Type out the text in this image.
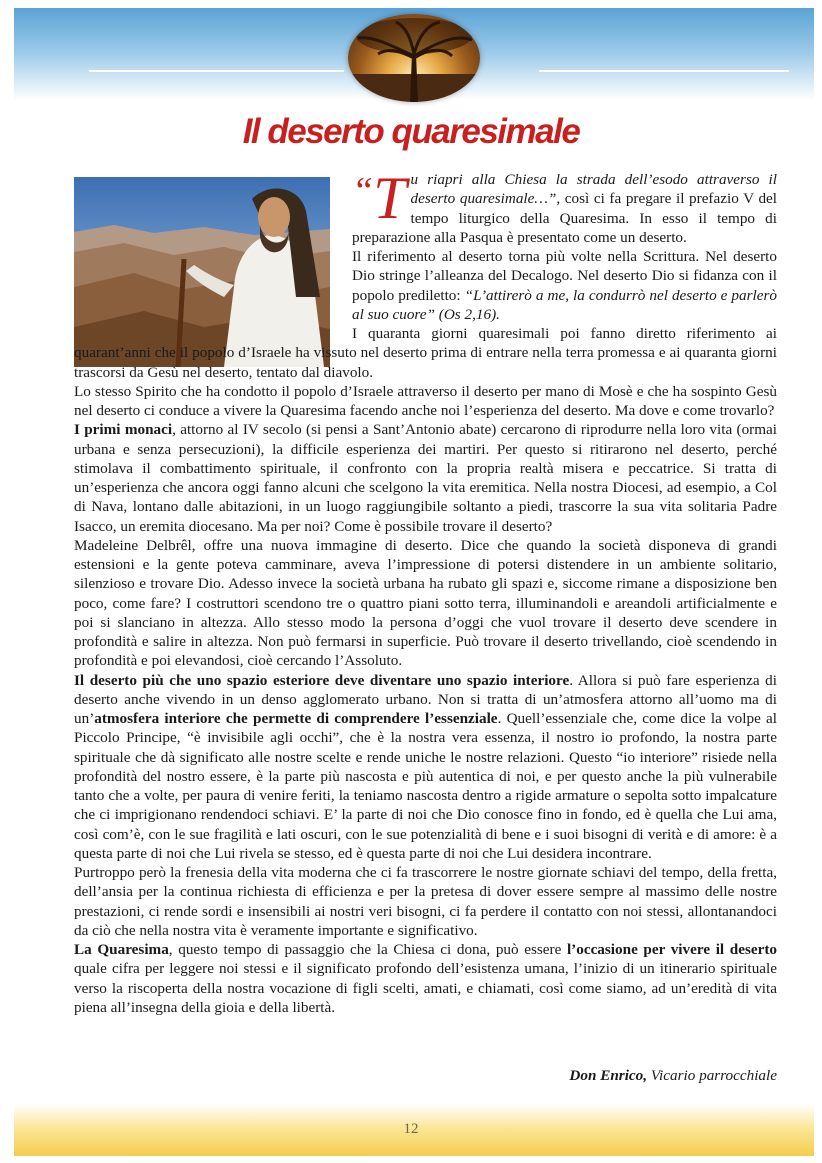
Il deserto quaresimale

“T u riapri alla Chiesa la strada dell’esodo attraverso il deserto quaresimale…”, così ci fa pregare il prefazio V del tempo liturgico della Quaresima. In esso il tempo di preparazione alla Pasqua è presentato come un deserto.

Il riferimento al deserto torna più volte nella Scrittura. Nel deserto Dio stringe l’alleanza del Decalogo. Nel deserto Dio si fidanza con il popolo prediletto: “L’attirerò a me, la condurrò nel deserto e parlerò al suo cuore” (Os 2,16).

I quaranta giorni quaresimali poi fanno diretto riferimento ai quarant’anni che il popolo d’Israele ha vissuto nel deserto prima di entrare nella terra promessa e ai quaranta giorni trascorsi da Gesù nel deserto, tentato dal diavolo.

Lo stesso Spirito che ha condotto il popolo d’Israele attraverso il deserto per mano di Mosè e che ha sospinto Gesù nel deserto ci conduce a vivere la Quaresima facendo anche noi l’esperienza del deserto. Ma dove e come trovarlo?

I primi monaci, attorno al IV secolo (si pensi a Sant’Antonio abate) cercarono di riprodurre nella loro vita (ormai urbana e senza persecuzioni), la difficile esperienza dei martiri. Per questo si ritirarono nel deserto, perché stimolava il combattimento spirituale, il confronto con la propria realtà misera e peccatrice. Si tratta di un’esperienza che ancora oggi fanno alcuni che scelgono la vita eremitica. Nella nostra Diocesi, ad esempio, a Col di Nava, lontano dalle abitazioni, in un luogo raggiungibile soltanto a piedi, trascorre la sua vita solitaria Padre Isacco, un eremita diocesano. Ma per noi? Come è possibile trovare il deserto?

Madeleine Delbrêl, offre una nuova immagine di deserto. Dice che quando la società disponeva di grandi estensioni e la gente poteva camminare, aveva l’impressione di potersi distendere in un ambiente solitario, silenzioso e trovare Dio. Adesso invece la società urbana ha rubato gli spazi e, siccome rimane a disposizione ben poco, come fare? I costruttori scendono tre o quattro piani sotto terra, illuminandoli e areandoli artificialmente e poi si slanciano in altezza. Allo stesso modo la persona d’oggi che vuol trovare il deserto deve scendere in profondità e salire in altezza. Non può fermarsi in superficie. Può trovare il deserto trivellando, cioè scendendo in profondità e poi elevandosi, cioè cercando l’Assoluto.

Il deserto più che uno spazio esteriore deve diventare uno spazio interiore. Allora si può fare esperienza di deserto anche vivendo in un denso agglomerato urbano. Non si tratta di un’atmosfera attorno all’uomo ma di un’atmosfera interiore che permette di comprendere l’essenziale. Quell’essenziale che, come dice la volpe al Piccolo Principe, “è invisibile agli occhi”, che è la nostra vera essenza, il nostro io profondo, la nostra parte spirituale che dà significato alle nostre scelte e rende uniche le nostre relazioni. Questo “io interiore” risiede nella profondità del nostro essere, è la parte più nascosta e più autentica di noi, e per questo anche la più vulnerabile tanto che a volte, per paura di venire feriti, la teniamo nascosta dentro a rigide armature o sepolta sotto impalcature che ci imprigionano rendendoci schiavi. E’ la parte di noi che Dio conosce fino in fondo, ed è quella che Lui ama, così com’è, con le sue fragilità e lati oscuri, con le sue potenzialità di bene e i suoi bisogni di verità e di amore: è a questa parte di noi che Lui rivela se stesso, ed è questa parte di noi che Lui desidera incontrare.

Purtroppo però la frenesia della vita moderna che ci fa trascorrere le nostre giornate schiavi del tempo, della fretta, dell’ansia per la continua richiesta di efficienza e per la pretesa di dover essere sempre al massimo delle nostre prestazioni, ci rende sordi e insensibili ai nostri veri bisogni, ci fa perdere il contatto con noi stessi, allontanandoci da ciò che nella nostra vita è veramente importante e significativo.

La Quaresima, questo tempo di passaggio che la Chiesa ci dona, può essere l’occasione per vivere il deserto quale cifra per leggere noi stessi e il significato profondo dell’esistenza umana, l’inizio di un itinerario spirituale verso la riscoperta della nostra vocazione di figli scelti, amati, e chiamati, così come siamo, ad un’eredità di vita piena all’insegna della gioia e della libertà.

Don Enrico, Vicario parrocchiale
12
